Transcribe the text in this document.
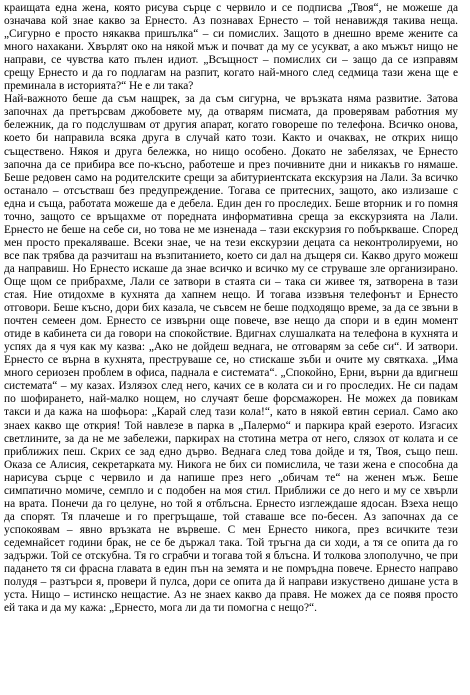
краищата една жена, която рисува сърце с червило и се подписва „Твоя“, не можеше да означава кой знае какво за Ернесто. Аз познавах Ернесто – той ненавиждя такива неща. „Сигурно е просто някаква пришълка“ – си помислих. Защото в днешно време жените са много нахакани. Хвърлят око на някой мъж и почват да му се усукват, а ако мъжът нищо не направи, се чувства като пълен идиот. „Всъщност – помислих си – защо да се изправям срещу Ернесто и да го подлагам на разпит, когато най-много след седмица тази жена ще е преминала в историята?“ Не е ли така?

Най-важното беше да съм нащрек, за да съм сигурна, че връзката няма развитие. Затова започнах да претърсвам джобовете му, да отварям писмата, да проверявам работния му бележник, да го подслушвам от другия апарат, когато говореше по телефона. Всичко онова, което би направила всяка друга в случай като този. Както и очаквах, не открих нищо съществено. Някоя и друга бележка, но нищо особено. Докато не забелязах, че Ернесто започна да се прибира все по-късно, работеше и през почивните дни и никакъв го нямаше. Беше редовен само на родителските срещи за абитуриентската екскурзия на Лали. За всичко останало – отсъстваш без предупреждение. Тогава се притесних, защото, ако излизаше с една и съща, работата можеше да е дебела. Един ден го проследих. Беше вторник и го помня точно, защото се връщахме от поредната информативна среща за екскурзията на Лали. Ернесто не беше на себе си, но това не ме изненада – тази екскурзия го побъркваше. Според мен просто прекаляваше. Всеки знае, че на тези екскурзии децата са неконтролируеми, но все пак трябва да разчиташ на възпитанието, което си дал на дъщеря си. Какво друго можеш да направиш. Но Ернесто искаше да знае всичко и всичко му се струваше зле организирано. Още щом се прибрахме, Лали се затвори в стаята си – така си живее тя, затворена в тази стая. Ние отидохме в кухнята да хапнем нещо. И тогава иззвъня телефонът и Ернесто отговори. Беше късно, дори бих казала, че съвсем не беше подходящо време, за да се звъни в почтен семеен дом. Ернесто се извърни още повече, взе нещо да спори и в един момент отиде в кабинета си да говори на спокойствие. Вдигнах слушалката на телефона в кухнята и успях да я чуя как му казва: „Ако не дойдеш веднага, не отговарям за себе си“. И затвори. Ернесто се върна в кухнята, преструваше се, но стискаше зъби и очите му святкаха. „Има много сериозен проблем в офиса, паднала е системата“. „Спокойно, Ерни, върни да вдигнеш системата“ – му казах. Излязох след него, качих се в колата си и го проследих. Не си падам по шофирането, най-малко нощем, но случаят беше форсмажорен. Не можех да повикам такси и да кажа на шофьора: „Карай след тази кола!“, като в някой евтин сериал. Само ако знаех какво ще открия! Той навлезе в парка в „Палермо“ и паркира край езерото. Изгасих светлините, за да не ме забележи, паркирах на стотина метра от него, слязох от колата и се приближих пеш. Скрих се зад едно дърво. Веднага след това дойде и тя, Твоя, също пеш. Оказа се Алисия, секретарката му. Никога не бих си помислила, че тази жена е способна да нарисува сърце с червило и да напише през него „обичам те“ на женен мъж. Беше симпатично момиче, семпло и с подобен на моя стил. Приближи се до него и му се хвърли на врата. Понечи да го целуне, но той я отблъсна. Ернесто изглеждаше ядосан. Взеха нещо да спорят. Тя плачеше и го прегръщаше, той ставаше все по-бесен. Аз започнах да се успокоявам – явно връзката не вървеше. С мен Ернесто никога, през всичките тези седемнайсет години брак, не се бе държал така. Той тръгна да си ходи, а тя се опита да го задържи. Той се отскубна. Тя го сграбчи и тогава той я блъсна. И толкова злополучно, че при падането тя си фрасна главата в един пън на земята и не помръдна повече. Ернесто направо полудя – разтърси я, провери й пулса, дори се опита да й направи изкуствено дишане уста в уста. Нищо – истинско нещастие. Аз не знаех какво да правя. Не можех да се появя просто ей така и да му кажа: „Ернесто, мога ли да ти помогна с нещо?“.
